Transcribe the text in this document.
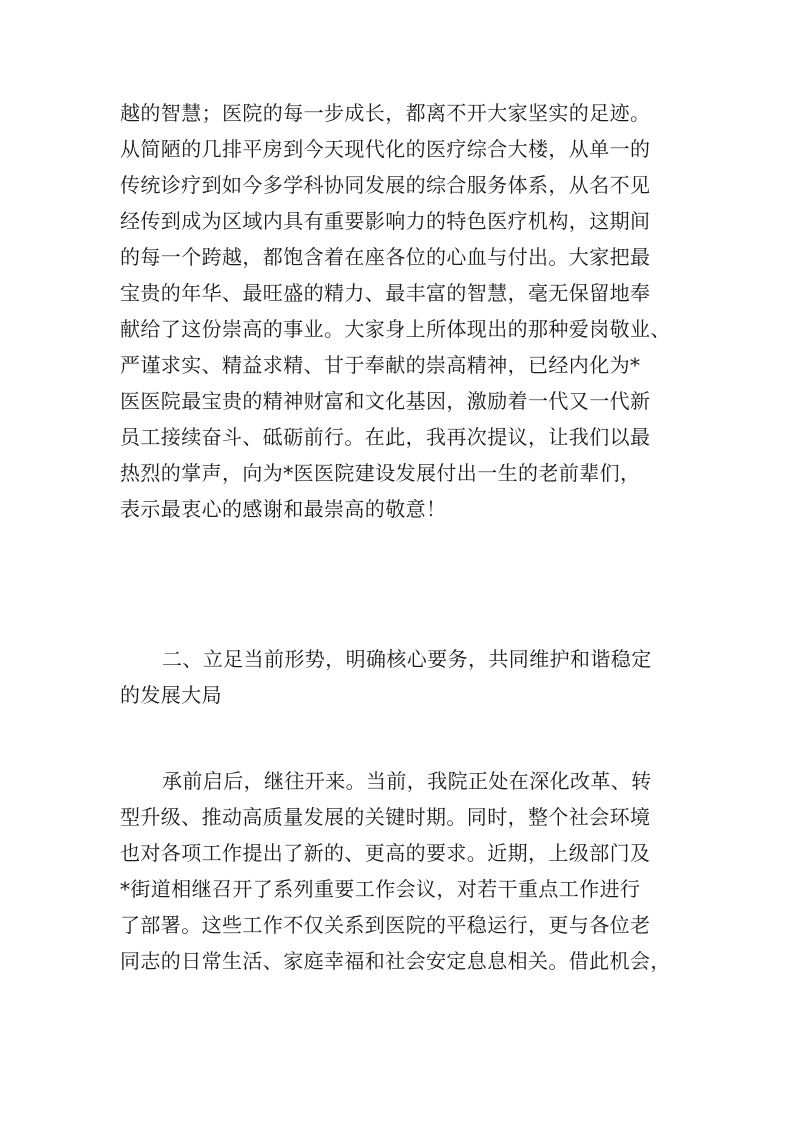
越的智慧；医院的每一步成长，都离不开大家坚实的足迹。
从简陋的几排平房到今天现代化的医疗综合大楼，从单一的
传统诊疗到如今多学科协同发展的综合服务体系，从名不见
经传到成为区域内具有重要影响力的特色医疗机构，这期间
的每一个跨越，都饱含着在座各位的心血与付出。大家把最
宝贵的年华、最旺盛的精力、最丰富的智慧，毫无保留地奉
献给了这份崇高的事业。大家身上所体现出的那种爱岗敬业、
严谨求实、精益求精、甘于奉献的崇高精神，已经内化为*
医医院最宝贵的精神财富和文化基因，激励着一代又一代新
员工接续奋斗、砥砺前行。在此，我再次提议，让我们以最
热烈的掌声，向为*医医院建设发展付出一生的老前辈们，
表示最衷心的感谢和最崇高的敬意！
二、立足当前形势，明确核心要务，共同维护和谐稳定
的发展大局
承前启后，继往开来。当前，我院正处在深化改革、转
型升级、推动高质量发展的关键时期。同时，整个社会环境
也对各项工作提出了新的、更高的要求。近期，上级部门及
*街道相继召开了系列重要工作会议，对若干重点工作进行
了部署。这些工作不仅关系到医院的平稳运行，更与各位老
同志的日常生活、家庭幸福和社会安定息息相关。借此机会，
